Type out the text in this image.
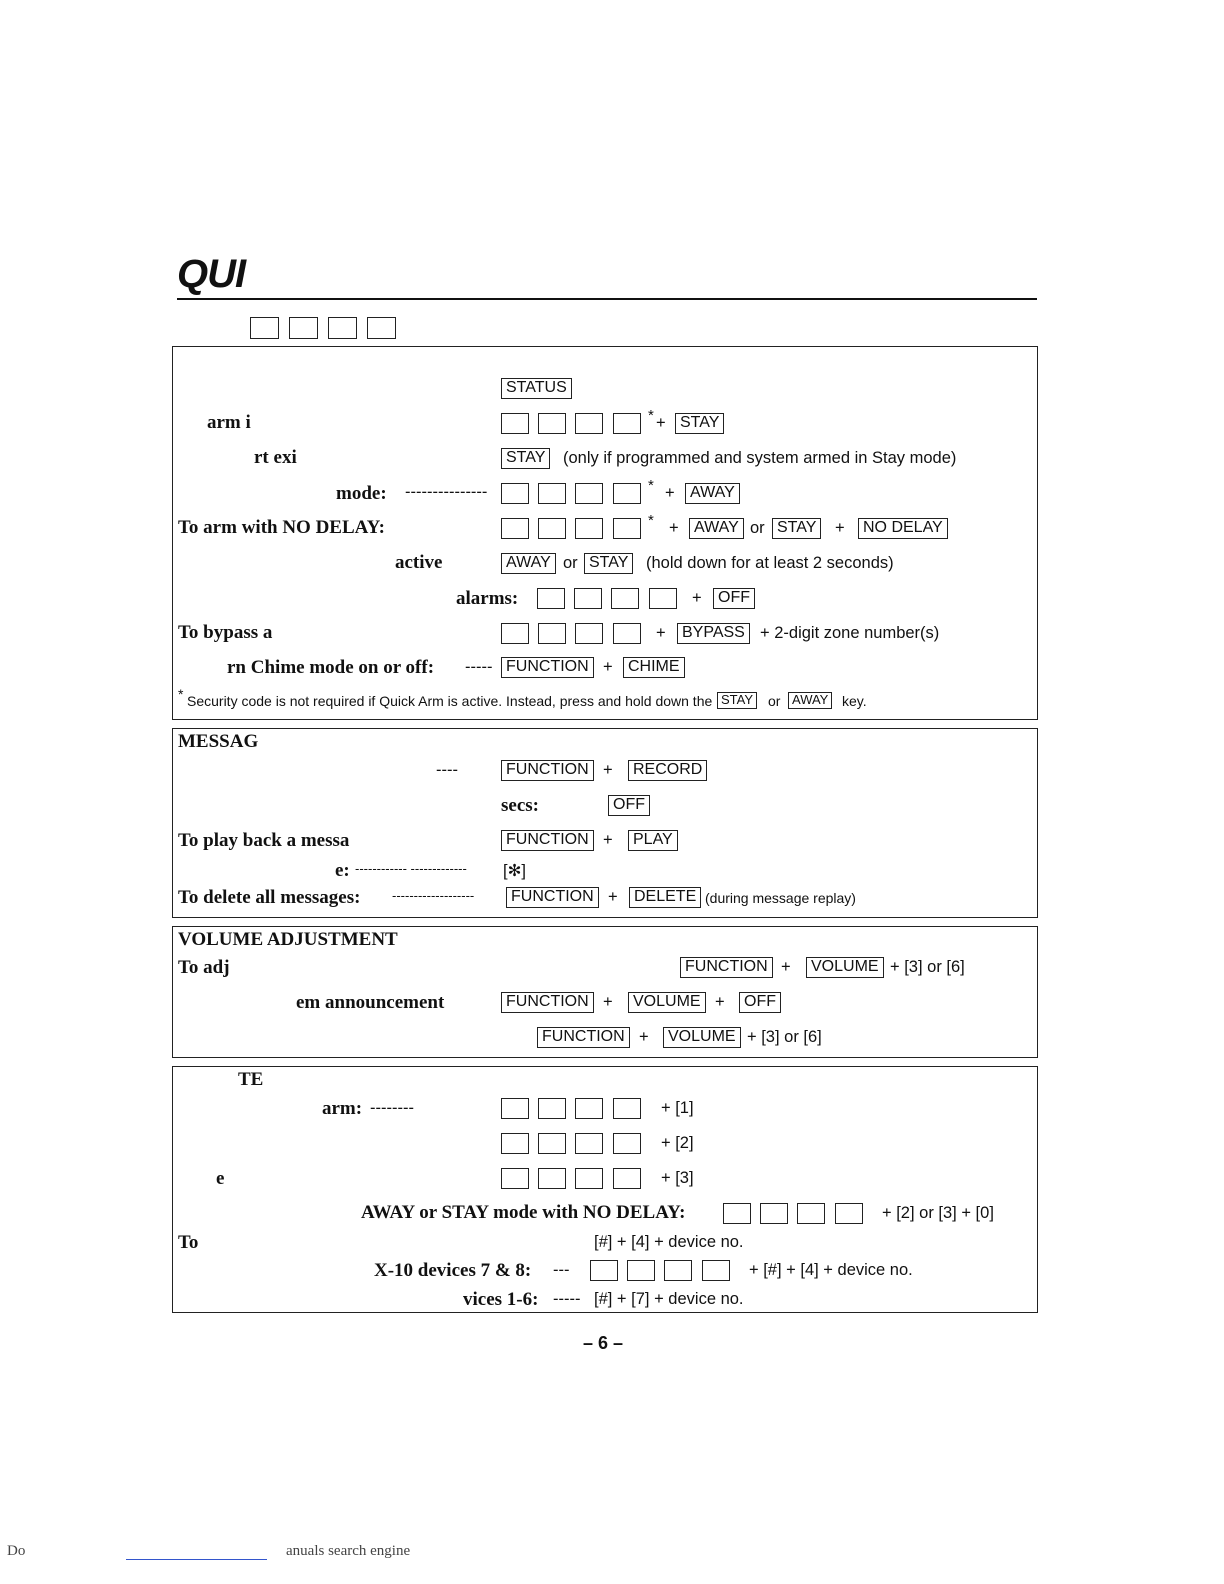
QUI
STATUS
arm i	* + STAY
rt exi	STAY	(only if programmed and system armed in Stay mode)
mode: ---------------	* + AWAY
To arm with NO DELAY:	* + AWAY or STAY	+	NO DELAY
active	AWAY or STAY	(hold down for at least 2 seconds)
alarms:	+	OFF
To bypass a	+	BYPASS + 2-digit zone number(s)
rn Chime mode on or off: ----- FUNCTION + CHIME
* Security code is not required if Quick Arm is active. Instead, press and hold down the STAY or AWAY key.
MESSAG
----	FUNCTION +	RECORD
secs:	OFF
To play back a messa	FUNCTION +	PLAY
e: ------------ ------------- [✻]
To delete all messages: -------------------	FUNCTION +	DELETE (during message replay)
VOLUME ADJUSTMENT
To adj	FUNCTION +	VOLUME + [3] or [6]
em announcement	FUNCTION +	VOLUME +	OFF
FUNCTION +	VOLUME + [3] or [6]
TE
arm: --------	+ [1]
+ [2]
e	+ [3]
AWAY or STAY mode with NO DELAY:	+ [2] or [3] + [0]
To	[#] + [4] + device no.
X-10 devices 7 & 8: ---	+ [#] + [4] + device no.
vices 1-6: ----- [#] + [7] + device no.
– 6 –
Do	anuals search engine
